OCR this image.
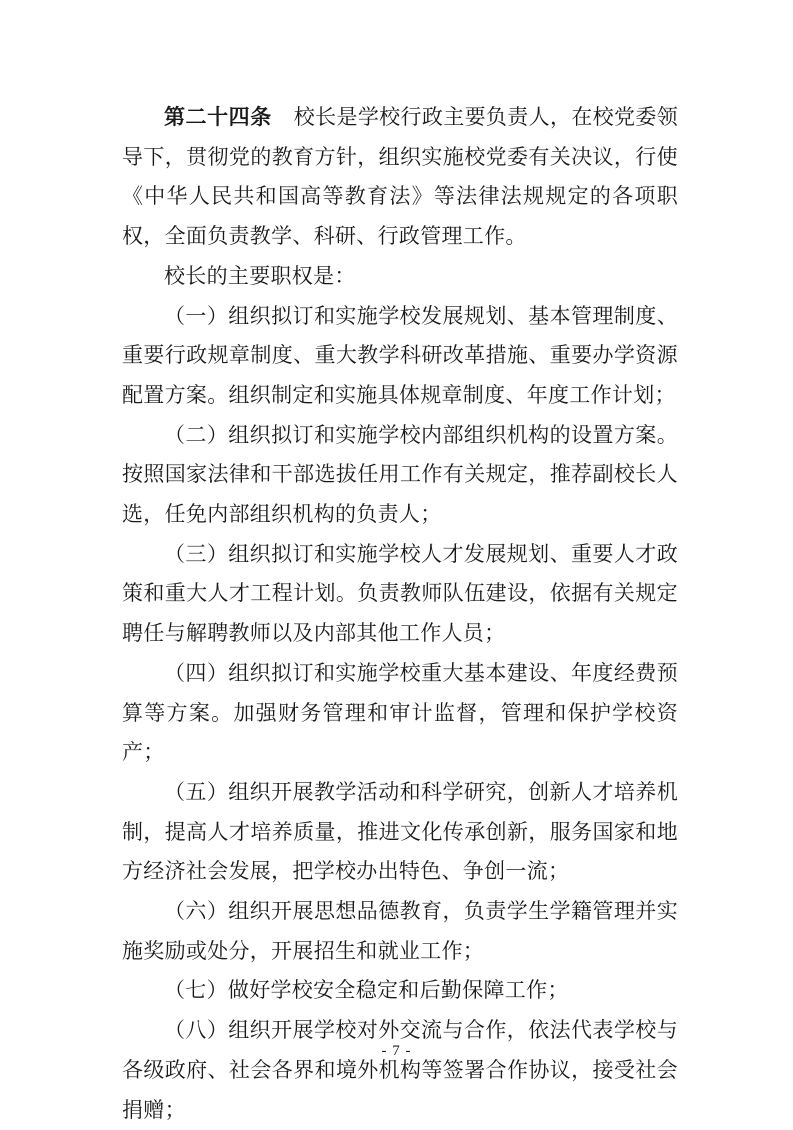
第二十四条 校长是学校行政主要负责人，在校党委领导下，贯彻党的教育方针，组织实施校党委有关决议，行使《中华人民共和国高等教育法》等法律法规规定的各项职权，全面负责教学、科研、行政管理工作。

校长的主要职权是：

（一）组织拟订和实施学校发展规划、基本管理制度、重要行政规章制度、重大教学科研改革措施、重要办学资源配置方案。组织制定和实施具体规章制度、年度工作计划；

（二）组织拟订和实施学校内部组织机构的设置方案。按照国家法律和干部选拔任用工作有关规定，推荐副校长人选，任免内部组织机构的负责人；

（三）组织拟订和实施学校人才发展规划、重要人才政策和重大人才工程计划。负责教师队伍建设，依据有关规定聘任与解聘教师以及内部其他工作人员；

（四）组织拟订和实施学校重大基本建设、年度经费预算等方案。加强财务管理和审计监督，管理和保护学校资产；

（五）组织开展教学活动和科学研究，创新人才培养机制，提高人才培养质量，推进文化传承创新，服务国家和地方经济社会发展，把学校办出特色、争创一流；

（六）组织开展思想品德教育，负责学生学籍管理并实施奖励或处分，开展招生和就业工作；

（七）做好学校安全稳定和后勤保障工作；

（八）组织开展学校对外交流与合作，依法代表学校与各级政府、社会各界和境外机构等签署合作协议，接受社会捐赠；

- 7 -
